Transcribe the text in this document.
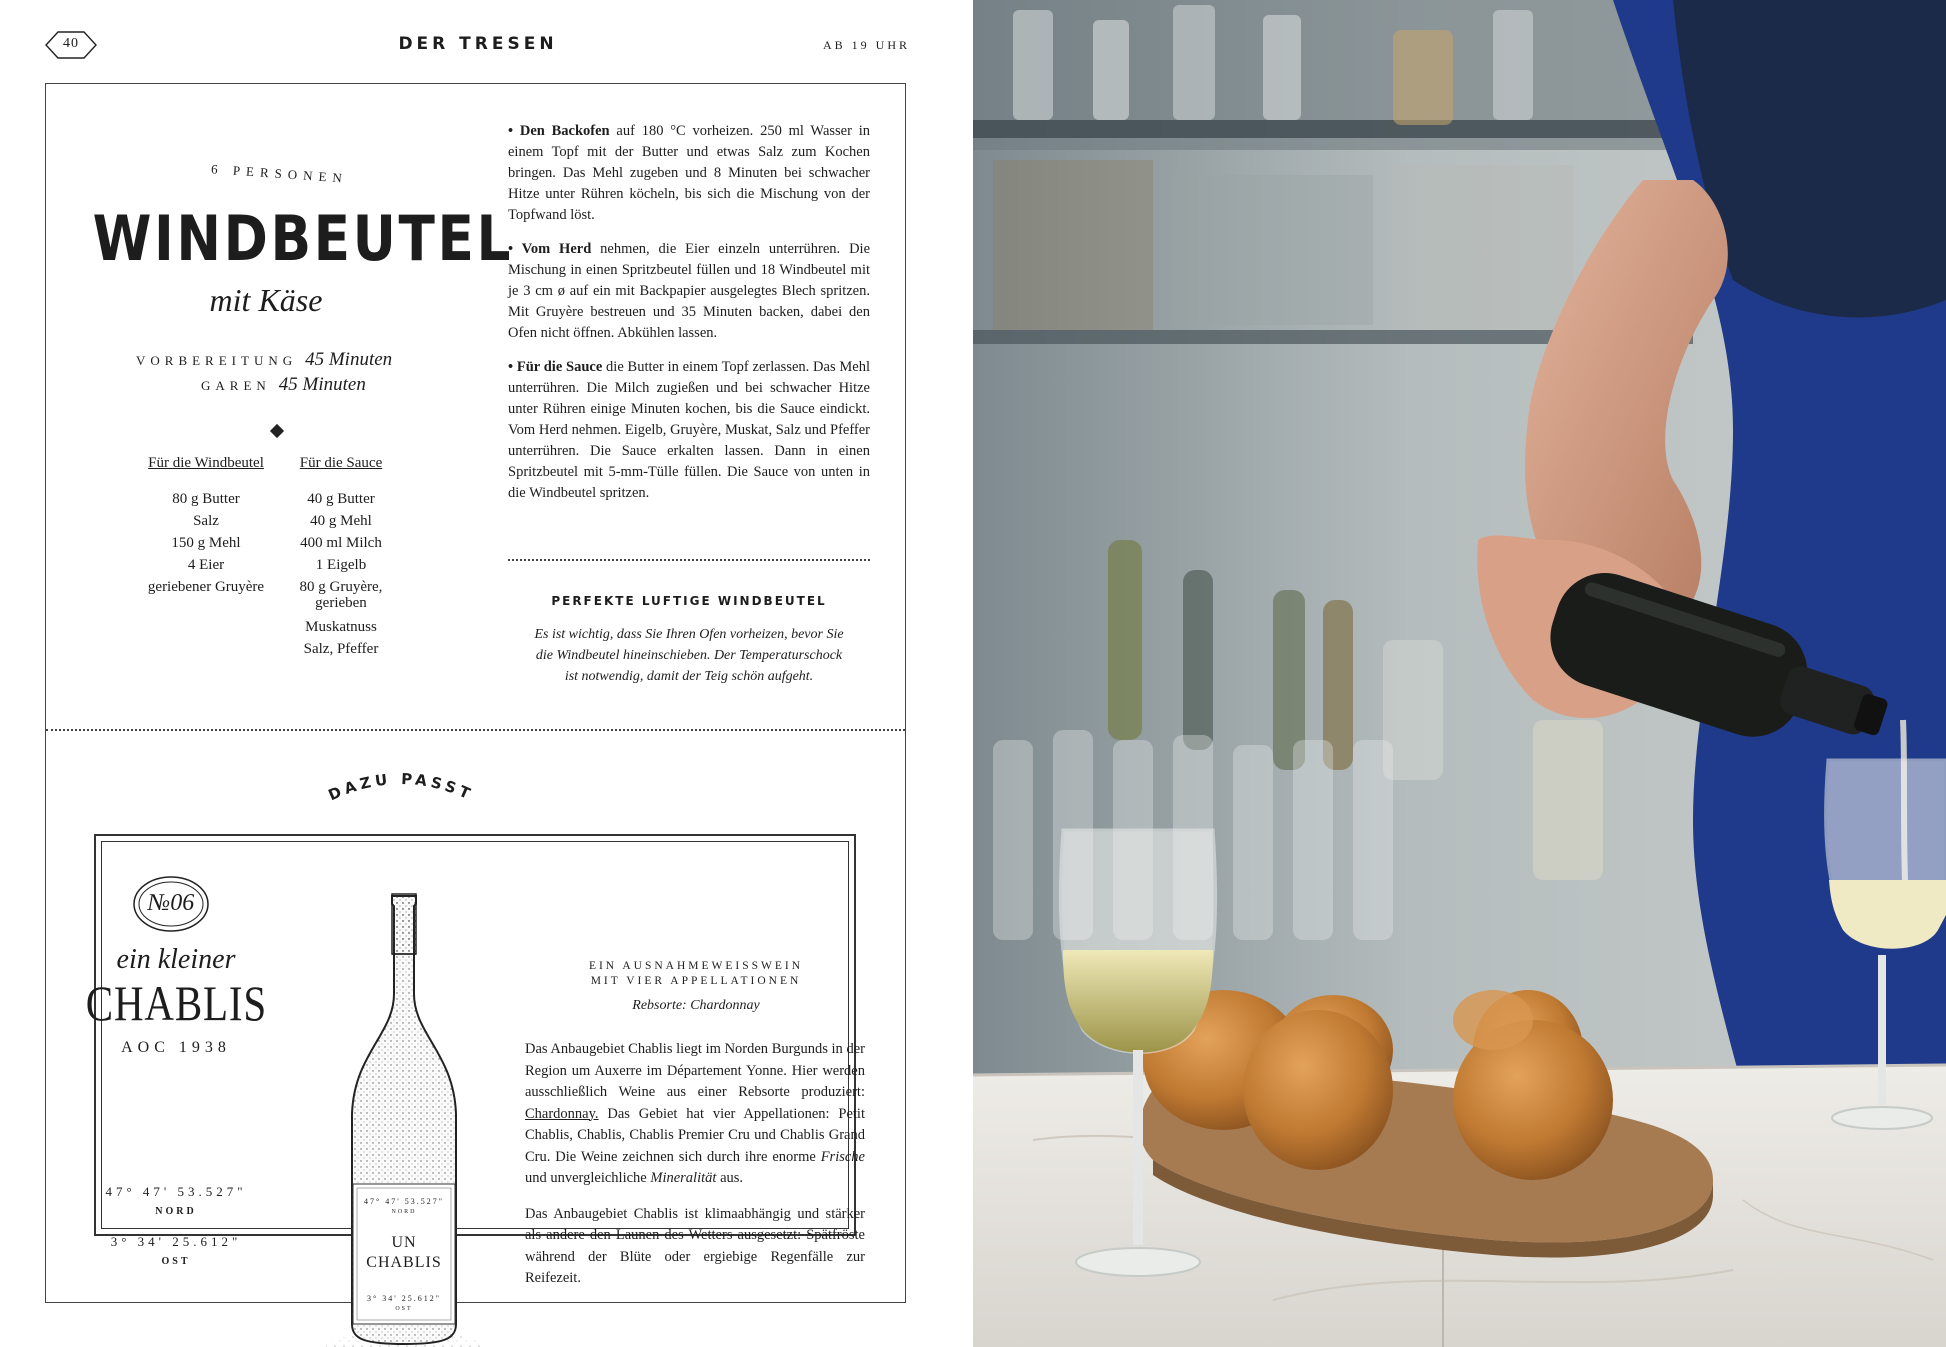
40	DER TRESEN	AB 19 UHR
6 PERSONEN
WINDBEUTEL
mit Käse
VORBEREITUNG 45 Minuten
GAREN 45 Minuten
Für die Windbeutel
80 g Butter
Salz
150 g Mehl
4 Eier
geriebener Gruyère
Für die Sauce
40 g Butter
40 g Mehl
400 ml Milch
1 Eigelb
80 g Gruyère, gerieben
Muskatnuss
Salz, Pfeffer

• Den Backofen auf 180 °C vorheizen. 250 ml Wasser in einem Topf mit der Butter und etwas Salz zum Kochen bringen. Das Mehl zugeben und 8 Minuten bei schwacher Hitze unter Rühren köcheln, bis sich die Mischung von der Topfwand löst.

• Vom Herd nehmen, die Eier einzeln unterrühren. Die Mischung in einen Spritzbeutel füllen und 18 Windbeutel mit je 3 cm ø auf ein mit Backpapier ausgelegtes Blech spritzen. Mit Gruyère bestreuen und 35 Minuten backen, dabei den Ofen nicht öffnen. Abkühlen lassen.

• Für die Sauce die Butter in einem Topf zerlassen. Das Mehl unterrühren. Die Milch zugießen und bei schwacher Hitze unter Rühren einige Minuten kochen, bis die Sauce eindickt. Vom Herd nehmen. Eigelb, Gruyère, Muskat, Salz und Pfeffer unterrühren. Die Sauce erkalten lassen. Dann in einen Spritzbeutel mit 5-mm-Tülle füllen. Die Sauce von unten in die Windbeutel spritzen.

PERFEKTE LUFTIGE WINDBEUTEL
Es ist wichtig, dass Sie Ihren Ofen vorheizen, bevor Sie die Windbeutel hineinschieben. Der Temperaturschock ist notwendig, damit der Teig schön aufgeht.
DAZU PASST
№06
ein kleiner
CHABLIS
AOC 1938
47° 47' 53.527"
NORD
3° 34' 25.612"
OST
47° 47' 53.527"
NORD
UN
CHABLIS
3° 34' 25.612"
OST
EIN AUSNAHMEWEISSWEIN
MIT VIER APPELLATIONEN
Rebsorte: Chardonnay

Das Anbaugebiet Chablis liegt im Norden Burgunds in der Region um Auxerre im Département Yonne. Hier werden ausschließlich Weine aus einer Rebsorte produziert: Chardonnay. Das Gebiet hat vier Appellationen: Petit Chablis, Chablis, Chablis Premier Cru und Chablis Grand Cru. Die Weine zeichnen sich durch ihre enorme Frische und unvergleichliche Mineralität aus.

Das Anbaugebiet Chablis ist klimaabhängig und stärker als andere den Launen des Wetters ausgesetzt: Spätfröste während der Blüte oder ergiebige Regenfälle zur Reifezeit.
